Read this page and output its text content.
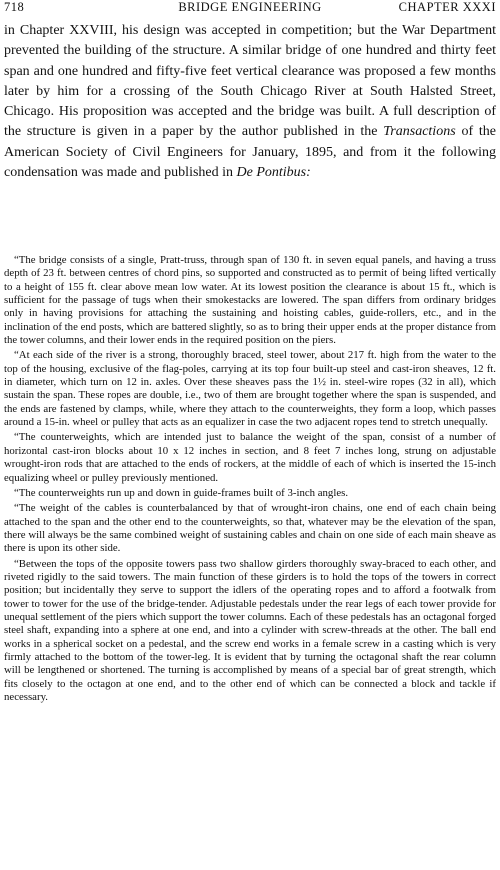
718	BRIDGE ENGINEERING	CHAPTER XXXI

in Chapter XXVIII, his design was accepted in competition; but the War Department prevented the building of the structure. A similar bridge of one hundred and thirty feet span and one hundred and fifty-five feet vertical clearance was proposed a few months later by him for a crossing of the South Chicago River at South Halsted Street, Chicago. His proposition was accepted and the bridge was built. A full description of the structure is given in a paper by the author published in the Transactions of the American Society of Civil Engineers for January, 1895, and from it the following condensation was made and published in De Pontibus:

“The bridge consists of a single, Pratt-truss, through span of 130 ft. in seven equal panels, and having a truss depth of 23 ft. between centres of chord pins, so supported and constructed as to permit of being lifted vertically to a height of 155 ft. clear above mean low water. At its lowest position the clearance is about 15 ft., which is sufficient for the passage of tugs when their smokestacks are lowered. The span differs from ordinary bridges only in having provisions for attaching the sustaining and hoisting cables, guide-rollers, etc., and in the inclination of the end posts, which are battered slightly, so as to bring their upper ends at the proper distance from the tower columns, and their lower ends in the required position on the piers.

“At each side of the river is a strong, thoroughly braced, steel tower, about 217 ft. high from the water to the top of the housing, exclusive of the flag-poles, carrying at its top four built-up steel and cast-iron sheaves, 12 ft. in diameter, which turn on 12 in. axles. Over these sheaves pass the 1½ in. steel-wire ropes (32 in all), which sustain the span. These ropes are double, i.e., two of them are brought together where the span is suspended, and the ends are fastened by clamps, while, where they attach to the counterweights, they form a loop, which passes around a 15-in. wheel or pulley that acts as an equalizer in case the two adjacent ropes tend to stretch unequally.

“The counterweights, which are intended just to balance the weight of the span, consist of a number of horizontal cast-iron blocks about 10 x 12 inches in section, and 8 feet 7 inches long, strung on adjustable wrought-iron rods that are attached to the ends of rockers, at the middle of each of which is inserted the 15-inch equalizing wheel or pulley previously mentioned.

“The counterweights run up and down in guide-frames built of 3-inch angles.

“The weight of the cables is counterbalanced by that of wrought-iron chains, one end of each chain being attached to the span and the other end to the counterweights, so that, whatever may be the elevation of the span, there will always be the same combined weight of sustaining cables and chain on one side of each main sheave as there is upon its other side.

“Between the tops of the opposite towers pass two shallow girders thoroughly sway-braced to each other, and riveted rigidly to the said towers. The main function of these girders is to hold the tops of the towers in correct position; but incidentally they serve to support the idlers of the operating ropes and to afford a footwalk from tower to tower for the use of the bridge-tender. Adjustable pedestals under the rear legs of each tower provide for unequal settlement of the piers which support the tower columns. Each of these pedestals has an octagonal forged steel shaft, expanding into a sphere at one end, and into a cylinder with screw-threads at the other. The ball end works in a spherical socket on a pedestal, and the screw end works in a female screw in a casting which is very firmly attached to the bottom of the tower-leg. It is evident that by turning the octagonal shaft the rear column will be lengthened or shortened. The turning is accomplished by means of a special bar of great strength, which fits closely to the octagon at one end, and to the other end of which can be connected a block and tackle if necessary.
